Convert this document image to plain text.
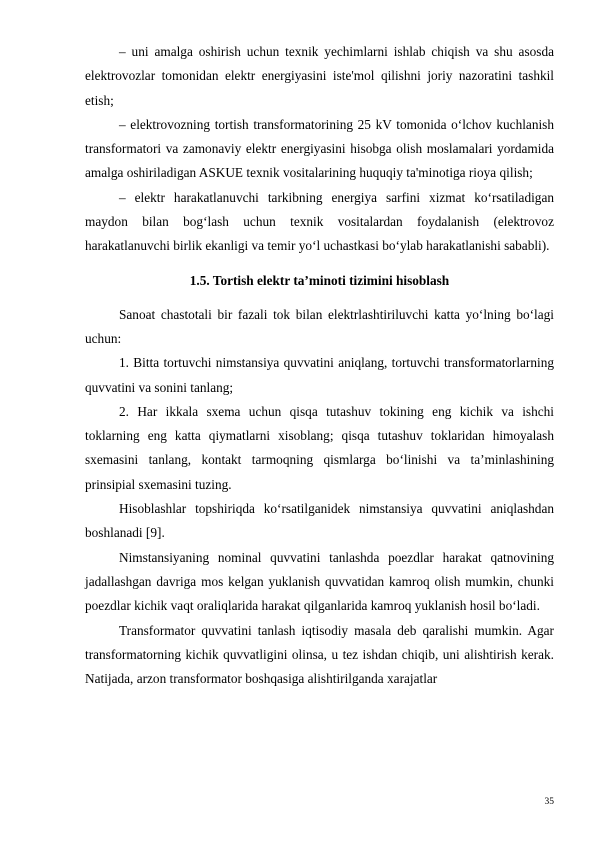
– uni amalga oshirish uchun texnik yechimlarni ishlab chiqish va shu asosda elektrovozlar tomonidan elektr energiyasini iste'mol qilishni joriy nazoratini tashkil etish;

– elektrovozning tortish transformatorining 25 kV tomonida o‘lchov kuchlanish transformatori va zamonaviy elektr energiyasini hisobga olish moslamalari yordamida amalga oshiriladigan ASKUE texnik vositalarining huquqiy ta'minotiga rioya qilish;

– elektr harakatlanuvchi tarkibning energiya sarfini xizmat ko‘rsatiladigan maydon bilan bog‘lash uchun texnik vositalardan foydalanish (elektrovoz harakatlanuvchi birlik ekanligi va temir yo‘l uchastkasi bo‘ylab harakatlanishi sababli).

1.5. Tortish elektr ta’minoti tizimini hisoblash

Sanoat chastotali bir fazali tok bilan elektrlashtiriluvchi katta yo‘lning bo‘lagi uchun:

1. Bitta tortuvchi nimstansiya quvvatini aniqlang, tortuvchi transformatorlarning quvvatini va sonini tanlang;

2. Har ikkala sxema uchun qisqa tutashuv tokining eng kichik va ishchi toklarning eng katta qiymatlarni xisoblang; qisqa tutashuv toklaridan himoyalash sxemasini tanlang, kontakt tarmoqning qismlarga bo‘linishi va ta’minlashining prinsipial sxemasini tuzing.

Hisoblashlar topshiriqda ko‘rsatilganidek nimstansiya quvvatini aniqlashdan boshlanadi [9].

Nimstansiyaning nominal quvvatini tanlashda poezdlar harakat qatnovining jadallashgan davriga mos kelgan yuklanish quvvatidan kamroq olish mumkin, chunki poezdlar kichik vaqt oraliqlarida harakat qilganlarida kamroq yuklanish hosil bo‘ladi.

Transformator quvvatini tanlash iqtisodiy masala deb qaralishi mumkin. Agar transformatorning kichik quvvatligini olinsa, u tez ishdan chiqib, uni alishtirish kerak. Natijada, arzon transformator boshqasiga alishtirilganda xarajatlar

35
